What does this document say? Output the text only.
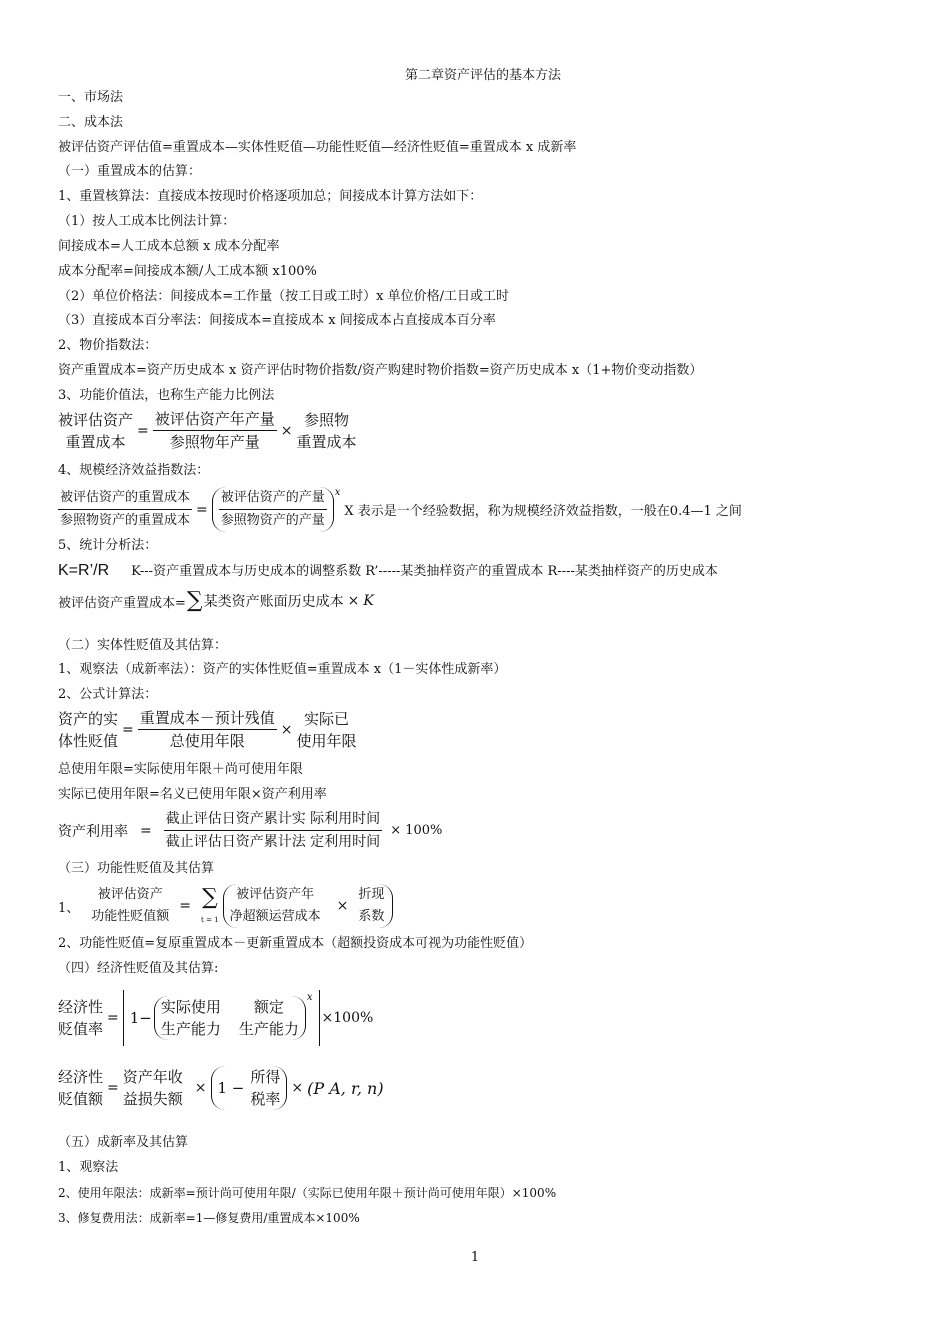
第二章资产评估的基本方法
一、市场法
二、成本法
被评估资产评估值=重置成本—实体性贬值—功能性贬值—经济性贬值=重置成本 x 成新率
（一）重置成本的估算：
1、重置核算法：直接成本按现时价格逐项加总；间接成本计算方法如下：
（1）按人工成本比例法计算：
间接成本=人工成本总额 x 成本分配率
成本分配率=间接成本额/人工成本额 x100%
（2）单位价格法：间接成本=工作量（按工日或工时）x 单位价格/工日或工时
（3）直接成本百分率法：间接成本=直接成本 x 间接成本占直接成本百分率
2、物价指数法：
资产重置成本=资产历史成本 x 资产评估时物价指数/资产购建时物价指数=资产历史成本 x（1+物价变动指数）
3、功能价值法，也称生产能力比例法
被评估资产
重置成本
= $\frac{\text{被评估资产年产量}}{\text{参照物年产量}}$ ×
参照物
重置成本
4、规模经济效益指数法：
$\frac{\text{被评估资产的重置成本}}{\text{参照物资产的重置成本}} = \frac{\text{被评估资产的产量}}{\text{参照物资产的产量}}$ x
X 表示是一个经验数据，称为规模经济效益指数，一般在0.4—1 之间
5、统计分析法：
K=R’/R K---资产重置成本与历史成本的调整系数 R’-----某类抽样资产的重置成本 R----某类抽样资产的历史成本
被评估资产重置成本= ∑ 某类资产账面历史成本 × K
（二）实体性贬值及其估算：
1、观察法（成新率法）：资产的实体性贬值=重置成本 x（1－实体性成新率）
2、公式计算法：
资产的实
体性贬值
= $\frac{\text{重置成本－预计残值}}{\text{总使用年限}}$ ×
实际已
使用年限
总使用年限=实际使用年限＋尚可使用年限
实际已使用年限=名义已使用年限×资产利用率
资产利用率 = $\frac{\text{截止评估日资产累计实 际利用时间}}{\text{截止评估日资产累计法 定利用时间}} \times 100\%$
（三）功能性贬值及其估算
1、
被评估资产
功能性贬值额
= ∑
t = 1
被评估资产年
净超额运营成本
×
折现
系数
2、功能性贬值=复原重置成本－更新重置成本（超额投资成本可视为功能性贬值）
（四）经济性贬值及其估算:
经济性
贬值率
= 1−
实际使用
生产能力
额定
生产能力
x
×100%
经济性
贬值额
=
资产年收
益损失额
× 1 −
所得
税率
× (P A, r, n)
（五）成新率及其估算
1、观察法
2、使用年限法：成新率=预计尚可使用年限/（实际已使用年限＋预计尚可使用年限）×100%
3、修复费用法：成新率=1—修复费用/重置成本×100%
1
